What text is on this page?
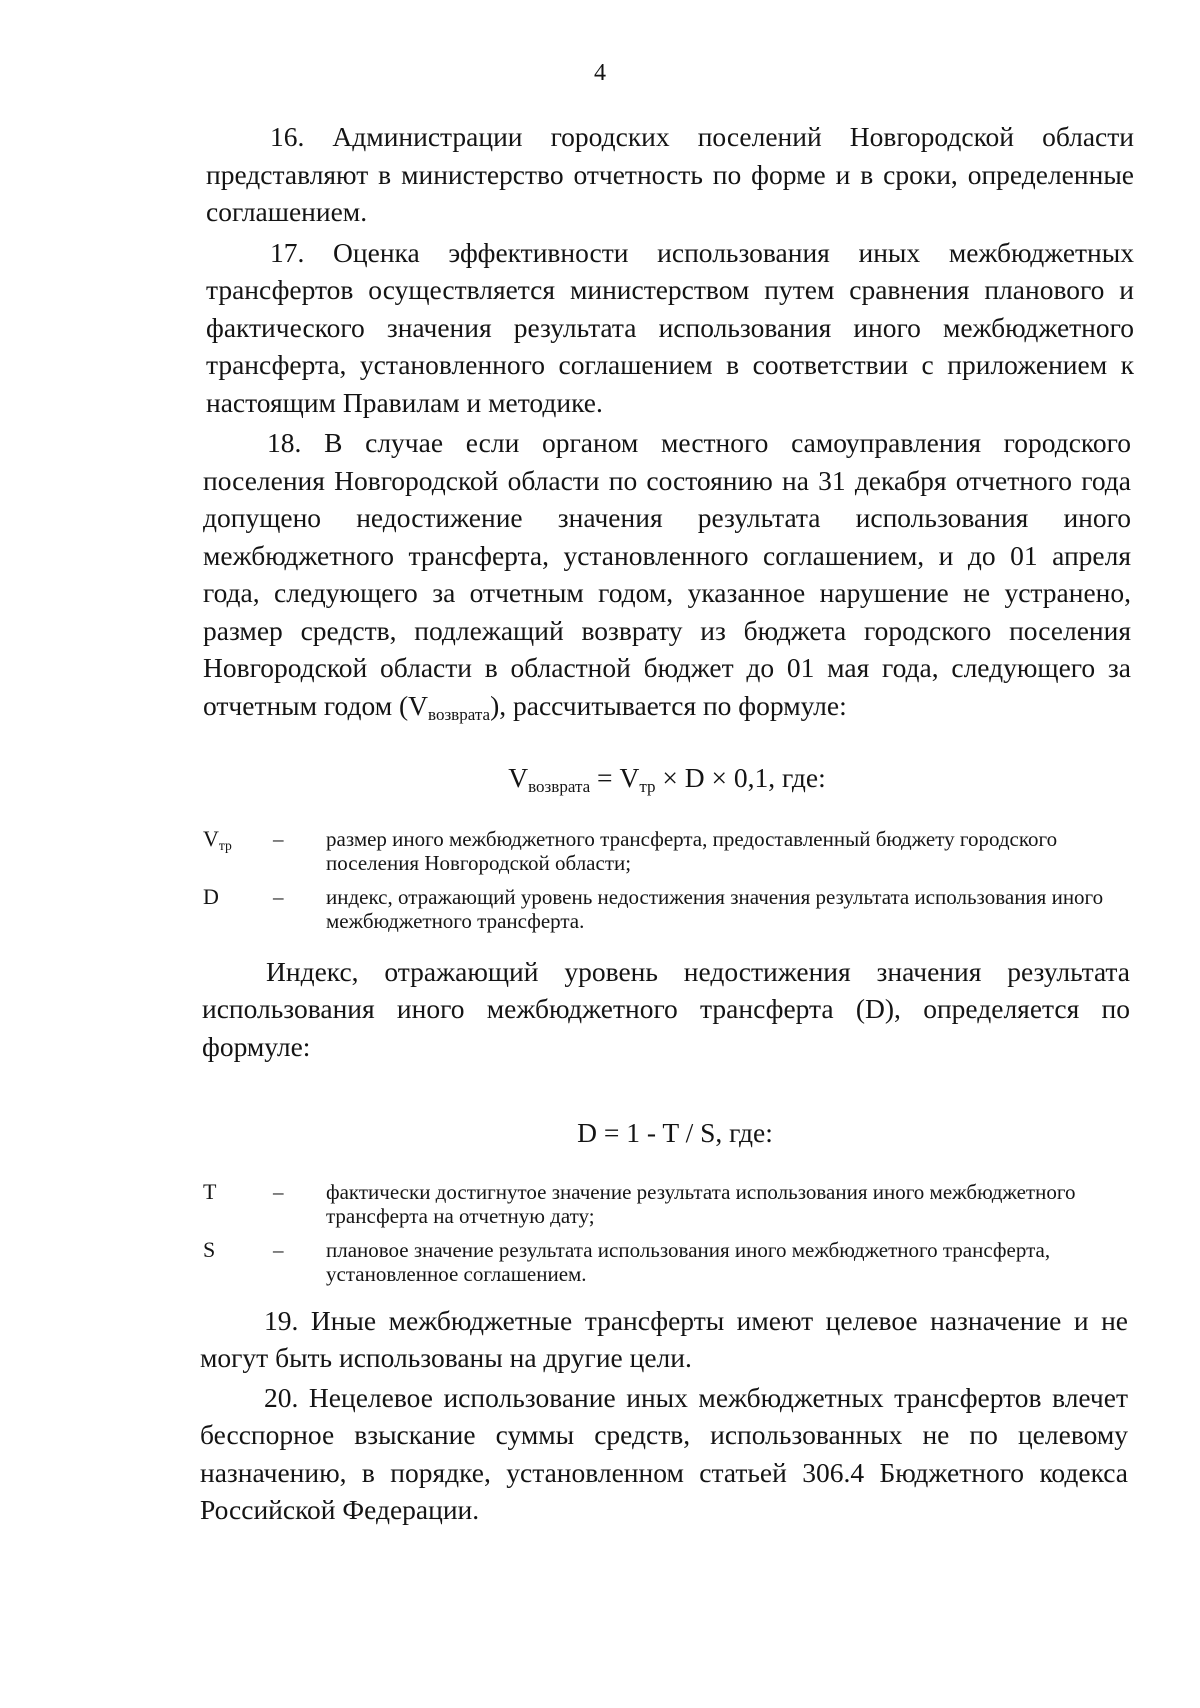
4

16. Администрации городских поселений Новгородской области представляют в министерство отчетность по форме и в сроки, определенные соглашением.

17. Оценка эффективности использования иных межбюджетных трансфертов осуществляется министерством путем сравнения планового и фактического значения результата использования иного межбюджетного трансферта, установленного соглашением в соответствии с приложением к настоящим Правилам и методике.

18. В случае если органом местного самоуправления городского поселения Новгородской области по состоянию на 31 декабря отчетного года допущено недостижение значения результата использования иного межбюджетного трансферта, установленного соглашением, и до 01 апреля года, следующего за отчетным годом, указанное нарушение не устранено, размер средств, подлежащий возврату из бюджета городского поселения Новгородской области в областной бюджет до 01 мая года, следующего за отчетным годом $(V_{возврата})$, рассчитывается по формуле:

$V_{возврата} = V_{тр} \times D \times 0,1$, где:
$V_{тр}$	–	размер иного межбюджетного трансферта, предоставленный бюджету городского поселения Новгородской области;
D	–	индекс, отражающий уровень недостижения значения результата использования иного межбюджетного трансферта.

Индекс, отражающий уровень недостижения значения результата использования иного межбюджетного трансферта (D), определяется по формуле:

D = 1 - T / S, где:
T	–	фактически достигнутое значение результата использования иного межбюджетного трансферта на отчетную дату;
S	–	плановое значение результата использования иного межбюджетного трансферта, установленное соглашением.

19. Иные межбюджетные трансферты имеют целевое назначение и не могут быть использованы на другие цели.

20. Нецелевое использование иных межбюджетных трансфертов влечет бесспорное взыскание суммы средств, использованных не по целевому назначению, в порядке, установленном статьей 306.4 Бюджетного кодекса Российской Федерации.
